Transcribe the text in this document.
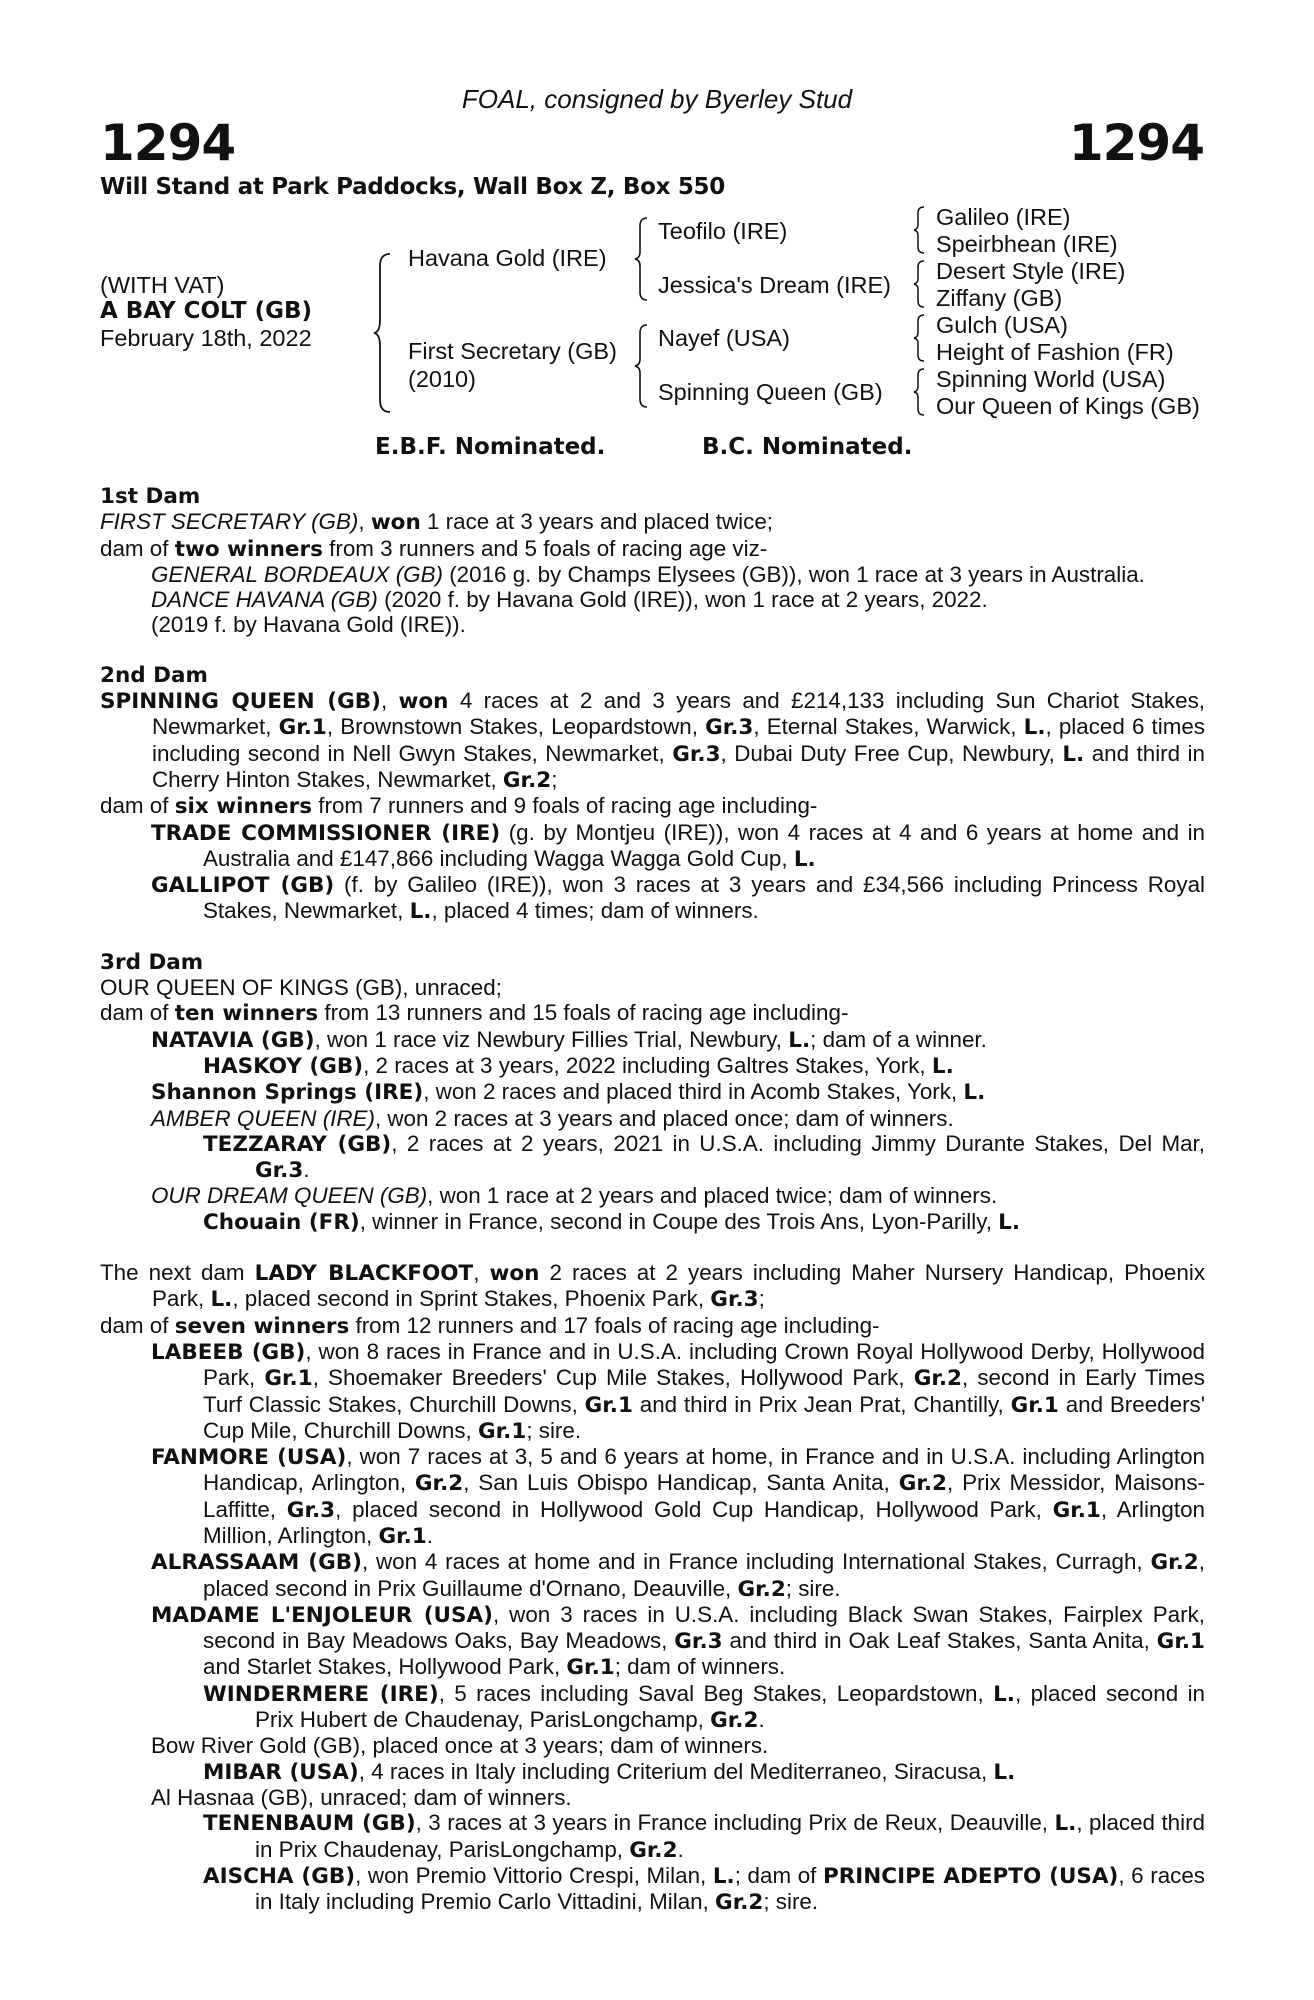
FOAL, consigned by Byerley Stud
1294	1294
Will Stand at Park Paddocks, Wall Box Z, Box 550
(WITH VAT)
A BAY COLT (GB)
February 18th, 2022
Havana Gold (IRE)
First Secretary (GB)
(2010)
Teofilo (IRE)
Jessica's Dream (IRE)
Nayef (USA)
Spinning Queen (GB)
Galileo (IRE)
Speirbhean (IRE)
Desert Style (IRE)
Ziffany (GB)
Gulch (USA)
Height of Fashion (FR)
Spinning World (USA)
Our Queen of Kings (GB)
E.B.F. Nominated.	B.C. Nominated.

1st Dam

FIRST SECRETARY (GB), won 1 race at 3 years and placed twice;

dam of two winners from 3 runners and 5 foals of racing age viz-

GENERAL BORDEAUX (GB) (2016 g. by Champs Elysees (GB)), won 1 race at 3 years in Australia.

DANCE HAVANA (GB) (2020 f. by Havana Gold (IRE)), won 1 race at 2 years, 2022.

(2019 f. by Havana Gold (IRE)).

2nd Dam

SPINNING QUEEN (GB), won 4 races at 2 and 3 years and £214,133 including Sun Chariot Stakes, Newmarket, Gr.1, Brownstown Stakes, Leopardstown, Gr.3, Eternal Stakes, Warwick, L., placed 6 times including second in Nell Gwyn Stakes, Newmarket, Gr.3, Dubai Duty Free Cup, Newbury, L. and third in Cherry Hinton Stakes, Newmarket, Gr.2;

dam of six winners from 7 runners and 9 foals of racing age including-

TRADE COMMISSIONER (IRE) (g. by Montjeu (IRE)), won 4 races at 4 and 6 years at home and in Australia and £147,866 including Wagga Wagga Gold Cup, L.

GALLIPOT (GB) (f. by Galileo (IRE)), won 3 races at 3 years and £34,566 including Princess Royal Stakes, Newmarket, L., placed 4 times; dam of winners.

3rd Dam

OUR QUEEN OF KINGS (GB), unraced;

dam of ten winners from 13 runners and 15 foals of racing age including-

NATAVIA (GB), won 1 race viz Newbury Fillies Trial, Newbury, L.; dam of a winner.

HASKOY (GB), 2 races at 3 years, 2022 including Galtres Stakes, York, L.

Shannon Springs (IRE), won 2 races and placed third in Acomb Stakes, York, L.

AMBER QUEEN (IRE), won 2 races at 3 years and placed once; dam of winners.

TEZZARAY (GB), 2 races at 2 years, 2021 in U.S.A. including Jimmy Durante Stakes, Del Mar, Gr.3.

OUR DREAM QUEEN (GB), won 1 race at 2 years and placed twice; dam of winners.

Chouain (FR), winner in France, second in Coupe des Trois Ans, Lyon-Parilly, L.

The next dam LADY BLACKFOOT, won 2 races at 2 years including Maher Nursery Handicap, Phoenix Park, L., placed second in Sprint Stakes, Phoenix Park, Gr.3;

dam of seven winners from 12 runners and 17 foals of racing age including-

LABEEB (GB), won 8 races in France and in U.S.A. including Crown Royal Hollywood Derby, Hollywood Park, Gr.1, Shoemaker Breeders' Cup Mile Stakes, Hollywood Park, Gr.2, second in Early Times Turf Classic Stakes, Churchill Downs, Gr.1 and third in Prix Jean Prat, Chantilly, Gr.1 and Breeders' Cup Mile, Churchill Downs, Gr.1; sire.

FANMORE (USA), won 7 races at 3, 5 and 6 years at home, in France and in U.S.A. including Arlington Handicap, Arlington, Gr.2, San Luis Obispo Handicap, Santa Anita, Gr.2, Prix Messidor, Maisons-Laffitte, Gr.3, placed second in Hollywood Gold Cup Handicap, Hollywood Park, Gr.1, Arlington Million, Arlington, Gr.1.

ALRASSAAM (GB), won 4 races at home and in France including International Stakes, Curragh, Gr.2, placed second in Prix Guillaume d'Ornano, Deauville, Gr.2; sire.

MADAME L'ENJOLEUR (USA), won 3 races in U.S.A. including Black Swan Stakes, Fairplex Park, second in Bay Meadows Oaks, Bay Meadows, Gr.3 and third in Oak Leaf Stakes, Santa Anita, Gr.1 and Starlet Stakes, Hollywood Park, Gr.1; dam of winners.

WINDERMERE (IRE), 5 races including Saval Beg Stakes, Leopardstown, L., placed second in Prix Hubert de Chaudenay, ParisLongchamp, Gr.2.

Bow River Gold (GB), placed once at 3 years; dam of winners.

MIBAR (USA), 4 races in Italy including Criterium del Mediterraneo, Siracusa, L.

Al Hasnaa (GB), unraced; dam of winners.

TENENBAUM (GB), 3 races at 3 years in France including Prix de Reux, Deauville, L., placed third in Prix Chaudenay, ParisLongchamp, Gr.2.

AISCHA (GB), won Premio Vittorio Crespi, Milan, L.; dam of PRINCIPE ADEPTO (USA), 6 races in Italy including Premio Carlo Vittadini, Milan, Gr.2; sire.
